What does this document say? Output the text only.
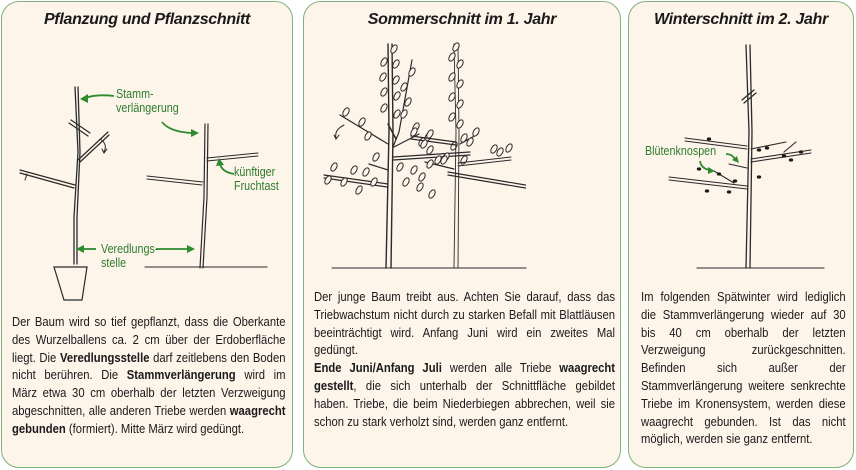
Pflanzung und Pflanzschnitt
Stamm-
verlängerung
künftiger
Fruchtast
Veredlungs-
stelle
Der Baum wird so tief gepflanzt, dass die Oberkante des Wurzelballens ca. 2 cm über der Erdoberfläche liegt. Die Veredlungsstelle darf zeitlebens den Boden nicht berühren. Die Stammverlängerung wird im März etwa 30 cm oberhalb der letzten Verzweigung abgeschnitten, alle anderen Triebe werden waagrecht gebunden (formiert). Mitte März wird gedüngt.
Sommerschnitt im 1. Jahr
Der junge Baum treibt aus. Achten Sie darauf, dass das Triebwachstum nicht durch zu starken Befall mit Blattläusen beeinträchtigt wird. Anfang Juni wird ein zweites Mal gedüngt.
Ende Juni/Anfang Juli werden alle Triebe waagrecht gestellt, die sich unterhalb der Schnittfläche gebildet haben. Triebe, die beim Niederbiegen abbrechen, weil sie schon zu stark verholzt sind, werden ganz entfernt.
Winterschnitt im 2. Jahr
Blütenknospen
Im folgenden Spätwinter wird lediglich die Stammverlängerung wieder auf 30 bis 40 cm oberhalb der letzten Verzweigung zurückgeschnitten. Befinden sich außer der Stammverlängerung weitere senkrechte Triebe im Kronensystem, werden diese waagrecht gebunden. Ist das nicht möglich, werden sie ganz entfernt.
